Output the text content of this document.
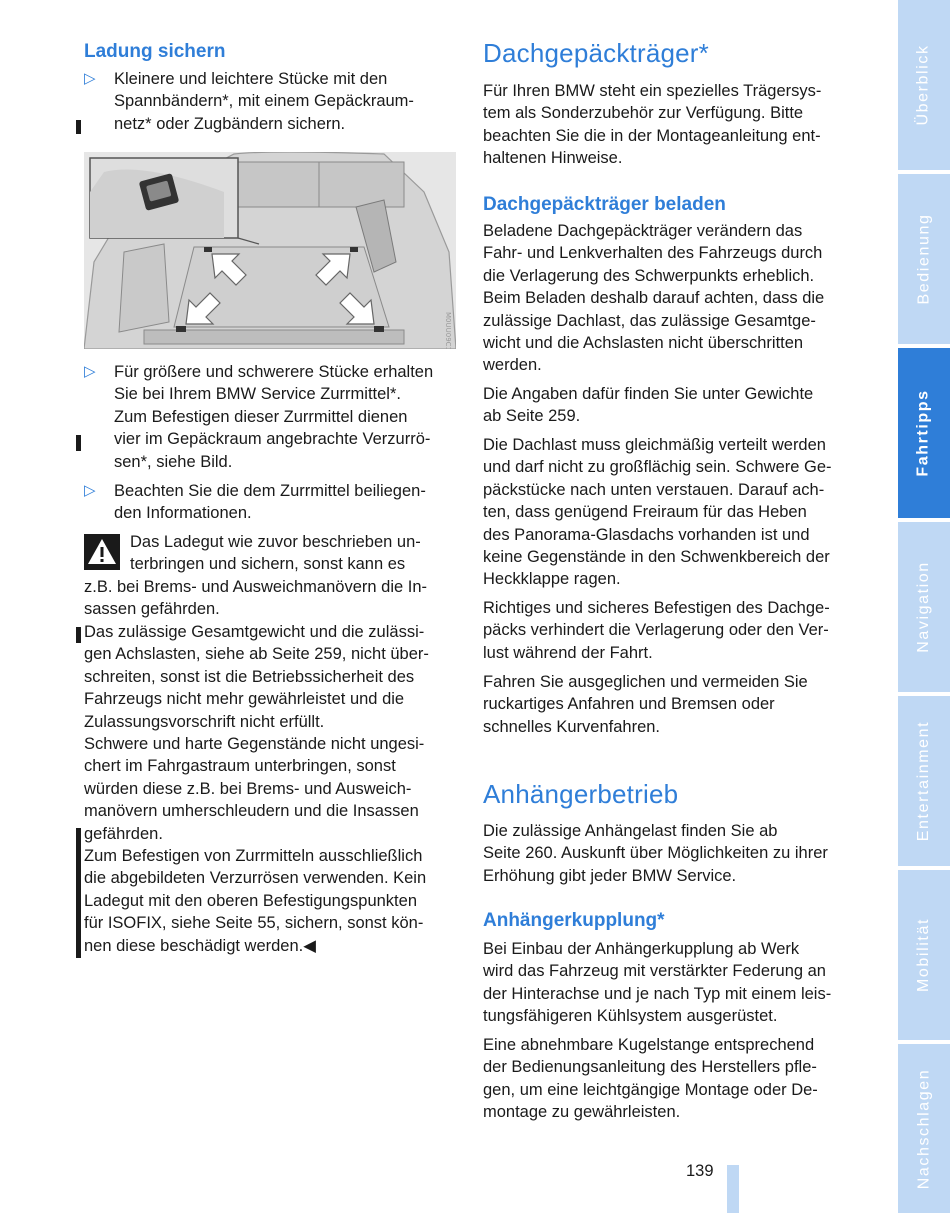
Ladung sichern
▷	Kleinere und leichtere Stücke mit den

Spannbändern*, mit einem Gepäckraum-

netz* oder Zugbändern sichern.

M0UU09C1MA
▷	Für größere und schwerere Stücke erhalten

Sie bei Ihrem BMW Service Zurrmittel*.

Zum Befestigen dieser Zurrmittel dienen

vier im Gepäckraum angebrachte Verzurrö-

sen*, siehe Bild.

▷	Beachten Sie die dem Zurrmittel beiliegen-

den Informationen.

Das Ladegut wie zuvor beschrieben un-

terbringen und sichern, sonst kann es

z.B. bei Brems- und Ausweichmanövern die In-

sassen gefährden.

Das zulässige Gesamtgewicht und die zulässi-

gen Achslasten, siehe ab Seite 259, nicht über-

schreiten, sonst ist die Betriebssicherheit des

Fahrzeugs nicht mehr gewährleistet und die

Zulassungsvorschrift nicht erfüllt.

Schwere und harte Gegenstände nicht ungesi-

chert im Fahrgastraum unterbringen, sonst

würden diese z.B. bei Brems- und Ausweich-

manövern umherschleudern und die Insassen

gefährden.

Zum Befestigen von Zurrmitteln ausschließlich

die abgebildeten Verzurrösen verwenden. Kein

Ladegut mit den oberen Befestigungspunkten

für ISOFIX, siehe Seite 55, sichern, sonst kön-

nen diese beschädigt werden.◀

Dachgepäckträger*

Für Ihren BMW steht ein spezielles Trägersys-

tem als Sonderzubehör zur Verfügung. Bitte

beachten Sie die in der Montageanleitung ent-

haltenen Hinweise.

Dachgepäckträger beladen

Beladene Dachgepäckträger verändern das

Fahr- und Lenkverhalten des Fahrzeugs durch

die Verlagerung des Schwerpunkts erheblich.

Beim Beladen deshalb darauf achten, dass die

zulässige Dachlast, das zulässige Gesamtge-

wicht und die Achslasten nicht überschritten

werden.

Die Angaben dafür finden Sie unter Gewichte

ab Seite 259.

Die Dachlast muss gleichmäßig verteilt werden

und darf nicht zu großflächig sein. Schwere Ge-

päckstücke nach unten verstauen. Darauf ach-

ten, dass genügend Freiraum für das Heben

des Panorama-Glasdachs vorhanden ist und

keine Gegenstände in den Schwenkbereich der

Heckklappe ragen.

Richtiges und sicheres Befestigen des Dachge-

päcks verhindert die Verlagerung oder den Ver-

lust während der Fahrt.

Fahren Sie ausgeglichen und vermeiden Sie

ruckartiges Anfahren und Bremsen oder

schnelles Kurvenfahren.

Anhängerbetrieb

Die zulässige Anhängelast finden Sie ab

Seite 260. Auskunft über Möglichkeiten zu ihrer

Erhöhung gibt jeder BMW Service.

Anhängerkupplung*

Bei Einbau der Anhängerkupplung ab Werk

wird das Fahrzeug mit verstärkter Federung an

der Hinterachse und je nach Typ mit einem leis-

tungsfähigeren Kühlsystem ausgerüstet.

Eine abnehmbare Kugelstange entsprechend

der Bedienungsanleitung des Herstellers pfle-

gen, um eine leichtgängige Montage oder De-

montage zu gewährleisten.

139
Überblick
Bedienung
Fahrtipps
Navigation
Entertainment
Mobilität
Nachschlagen
